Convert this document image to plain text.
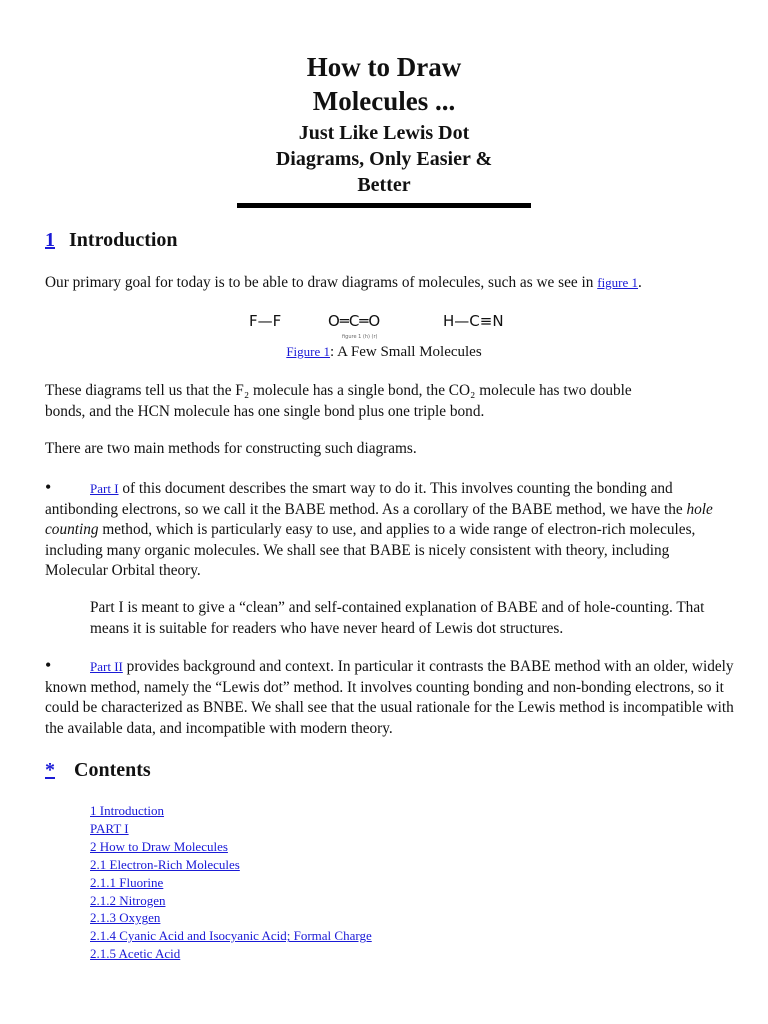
How to Draw
Molecules ...
Just Like Lewis Dot
Diagrams, Only Easier &
Better
1 Introduction

Our primary goal for today is to be able to draw diagrams of molecules, such as we see in figure 1.

F—F	O═C═O	H—C≡N
figure 1 (h) (r)
Figure 1: A Few Small Molecules

These diagrams tell us that the F₂ molecule has a single bond, the CO₂ molecule has two double
bonds, and the HCN molecule has one single bond plus one triple bond.

There are two main methods for constructing such diagrams.

•	Part I of this document describes the smart way to do it. This involves counting the bonding and antibonding electrons, so we call it the BABE method. As a corollary of the BABE method, we have the hole counting method, which is particularly easy to use, and applies to a wide range of electron-rich molecules, including many organic molecules. We shall see that BABE is nicely consistent with theory, including Molecular Orbital theory.

Part I is meant to give a “clean” and self-contained explanation of BABE and of hole-counting. That means it is suitable for readers who have never heard of Lewis dot structures.

•	Part II provides background and context. In particular it contrasts the BABE method with an older, widely known method, namely the “Lewis dot” method. It involves counting bonding and non-bonding electrons, so it could be characterized as BNBE. We shall see that the usual rationale for the Lewis method is incompatible with the available data, and incompatible with modern theory.

* Contents
1 Introduction
PART I
2 How to Draw Molecules
2.1 Electron-Rich Molecules
2.1.1 Fluorine
2.1.2 Nitrogen
2.1.3 Oxygen
2.1.4 Cyanic Acid and Isocyanic Acid; Formal Charge
2.1.5 Acetic Acid
